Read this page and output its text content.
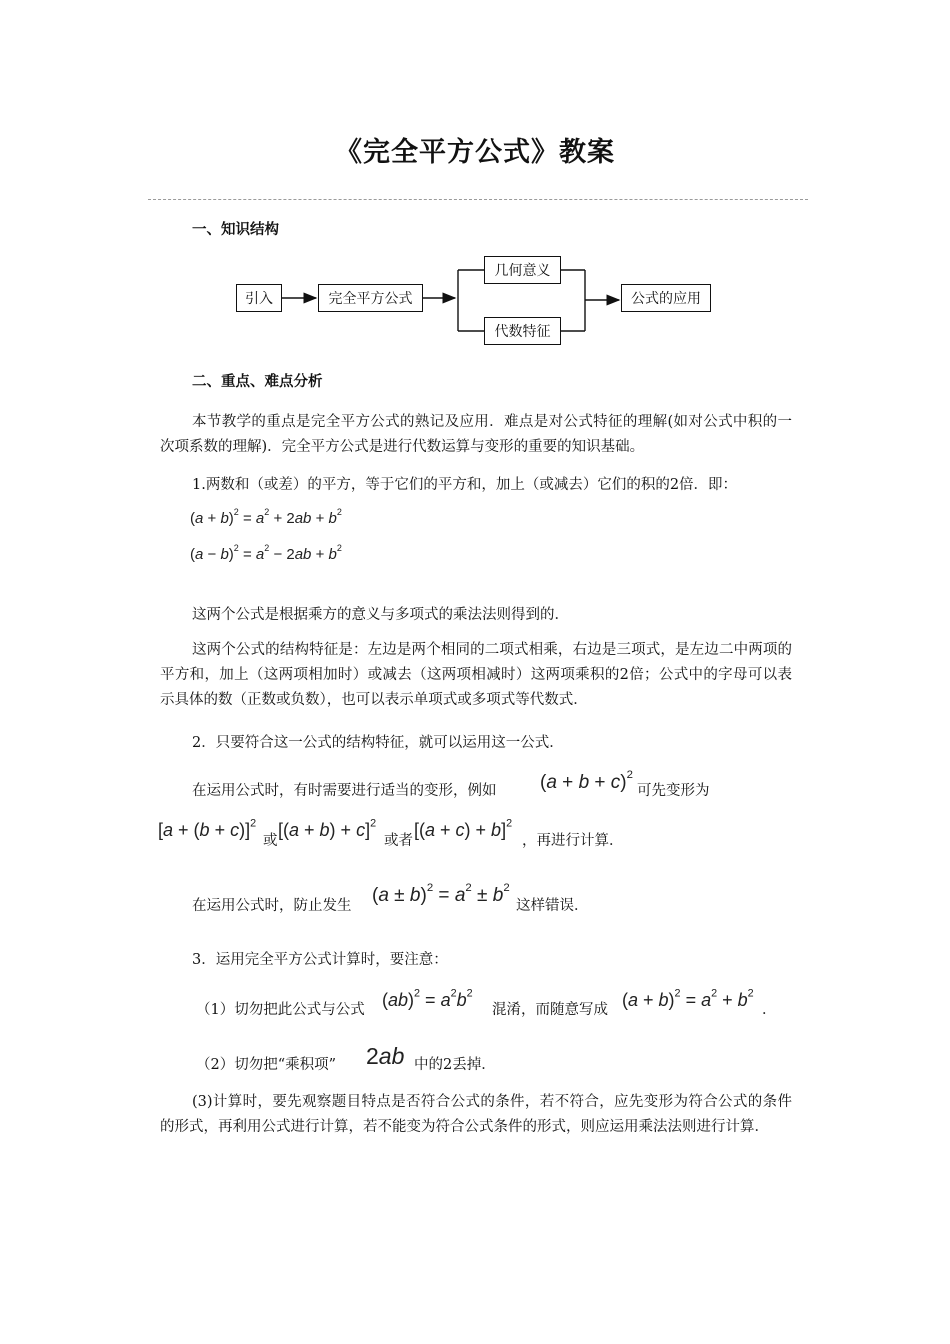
《完全平方公式》教案
一、知识结构
引入	完全平方公式
几何意义
代数特征
公式的应用
二、重点、难点分析
本节教学的重点是完全平方公式的熟记及应用．难点是对公式特征的理解(如对公式中积的一次项系数的理解)．完全平方公式是进行代数运算与变形的重要的知识基础。
1.两数和（或差）的平方，等于它们的平方和，加上（或减去）它们的积的2倍．即：
$(a + b)^2 = a^2 + 2ab + b^2$
$(a - b)^2 = a^2 - 2ab + b^2$
这两个公式是根据乘方的意义与多项式的乘法法则得到的．
这两个公式的结构特征是：左边是两个相同的二项式相乘，右边是三项式，是左边二中两项的平方和，加上（这两项相加时）或减去（这两项相减时）这两项乘积的2倍；公式中的字母可以表示具体的数（正数或负数），也可以表示单项式或多项式等代数式．
2．只要符合这一公式的结构特征，就可以运用这一公式．
在运用公式时，有时需要进行适当的变形，例如 $(a + b + c)^2$
可先变形为
$[a + (b + c)]^2$
或
$[(a + b) + c]^2$
或者
$[(a + c) + b]^2$
，再进行计算．
在运用公式时，防止发生 $(a \pm b)^2 = a^2 \pm b^2$
这样错误．
3．运用完全平方公式计算时，要注意：
（1）切勿把此公式与公式 $(ab)^2 = a^2b^2$
混淆，而随意写成 $(a + b)^2 = a^2 + b^2$
．
（2）切勿把“乘积项” 2ab 中的2丢掉．
(3)计算时，要先观察题目特点是否符合公式的条件，若不符合，应先变形为符合公式的条件的形式，再利用公式进行计算，若不能变为符合公式条件的形式，则应运用乘法法则进行计算．
